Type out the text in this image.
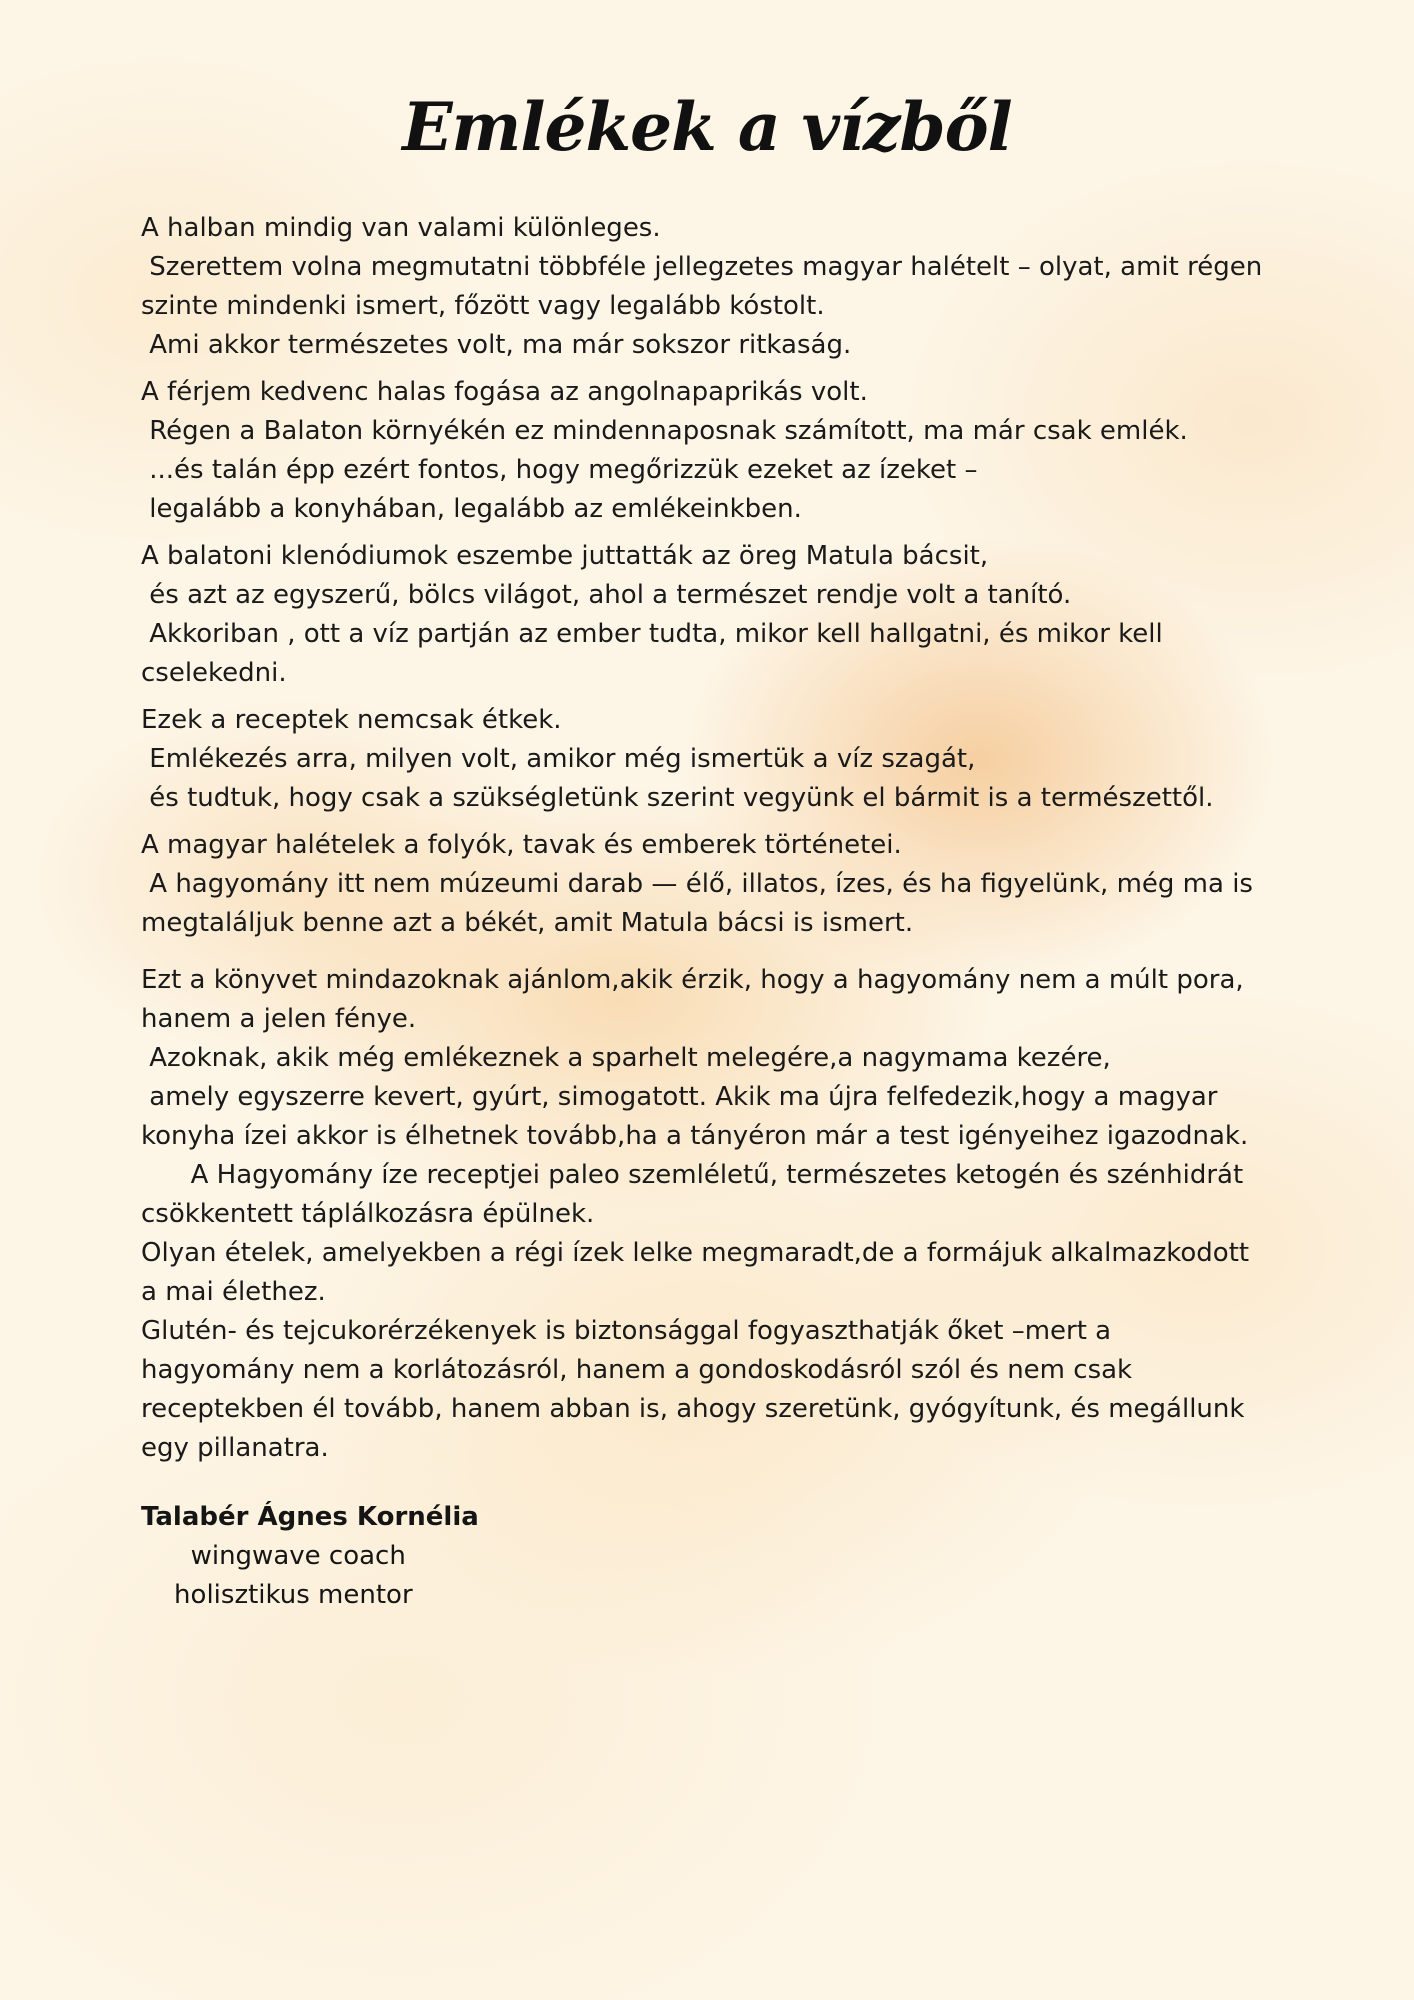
Emlékek a vízből
A halban mindig van valami különleges.
Szerettem volna megmutatni többféle jellegzetes magyar halételt – olyat, amit régen
szinte mindenki ismert, főzött vagy legalább kóstolt.
Ami akkor természetes volt, ma már sokszor ritkaság.
A férjem kedvenc halas fogása az angolnapaprikás volt.
Régen a Balaton környékén ez mindennaposnak számított, ma már csak emlék.
...és talán épp ezért fontos, hogy megőrizzük ezeket az ízeket –
legalább a konyhában, legalább az emlékeinkben.
A balatoni klenódiumok eszembe juttatták az öreg Matula bácsit,
és azt az egyszerű, bölcs világot, ahol a természet rendje volt a tanító.
Akkoriban , ott a víz partján az ember tudta, mikor kell hallgatni, és mikor kell
cselekedni.
Ezek a receptek nemcsak étkek.
Emlékezés arra, milyen volt, amikor még ismertük a víz szagát,
és tudtuk, hogy csak a szükségletünk szerint vegyünk el bármit is a természettől.
A magyar halételek a folyók, tavak és emberek történetei.
A hagyomány itt nem múzeumi darab — élő, illatos, ízes, és ha figyelünk, még ma is
megtaláljuk benne azt a békét, amit Matula bácsi is ismert.
Ezt a könyvet mindazoknak ajánlom,akik érzik, hogy a hagyomány nem a múlt pora,
hanem a jelen fénye.
Azoknak, akik még emlékeznek a sparhelt melegére,a nagymama kezére,
amely egyszerre kevert, gyúrt, simogatott. Akik ma újra felfedezik,hogy a magyar
konyha ízei akkor is élhetnek tovább,ha a tányéron már a test igényeihez igazodnak.
A Hagyomány íze receptjei paleo szemléletű, természetes ketogén és szénhidrát
csökkentett táplálkozásra épülnek.
Olyan ételek, amelyekben a régi ízek lelke megmaradt,de a formájuk alkalmazkodott
a mai élethez.
Glutén- és tejcukorérzékenyek is biztonsággal fogyaszthatják őket –mert a
hagyomány nem a korlátozásról, hanem a gondoskodásról szól és nem csak
receptekben él tovább, hanem abban is, ahogy szeretünk, gyógyítunk, és megállunk
egy pillanatra.
Talabér Ágnes Kornélia
wingwave coach
holisztikus mentor
